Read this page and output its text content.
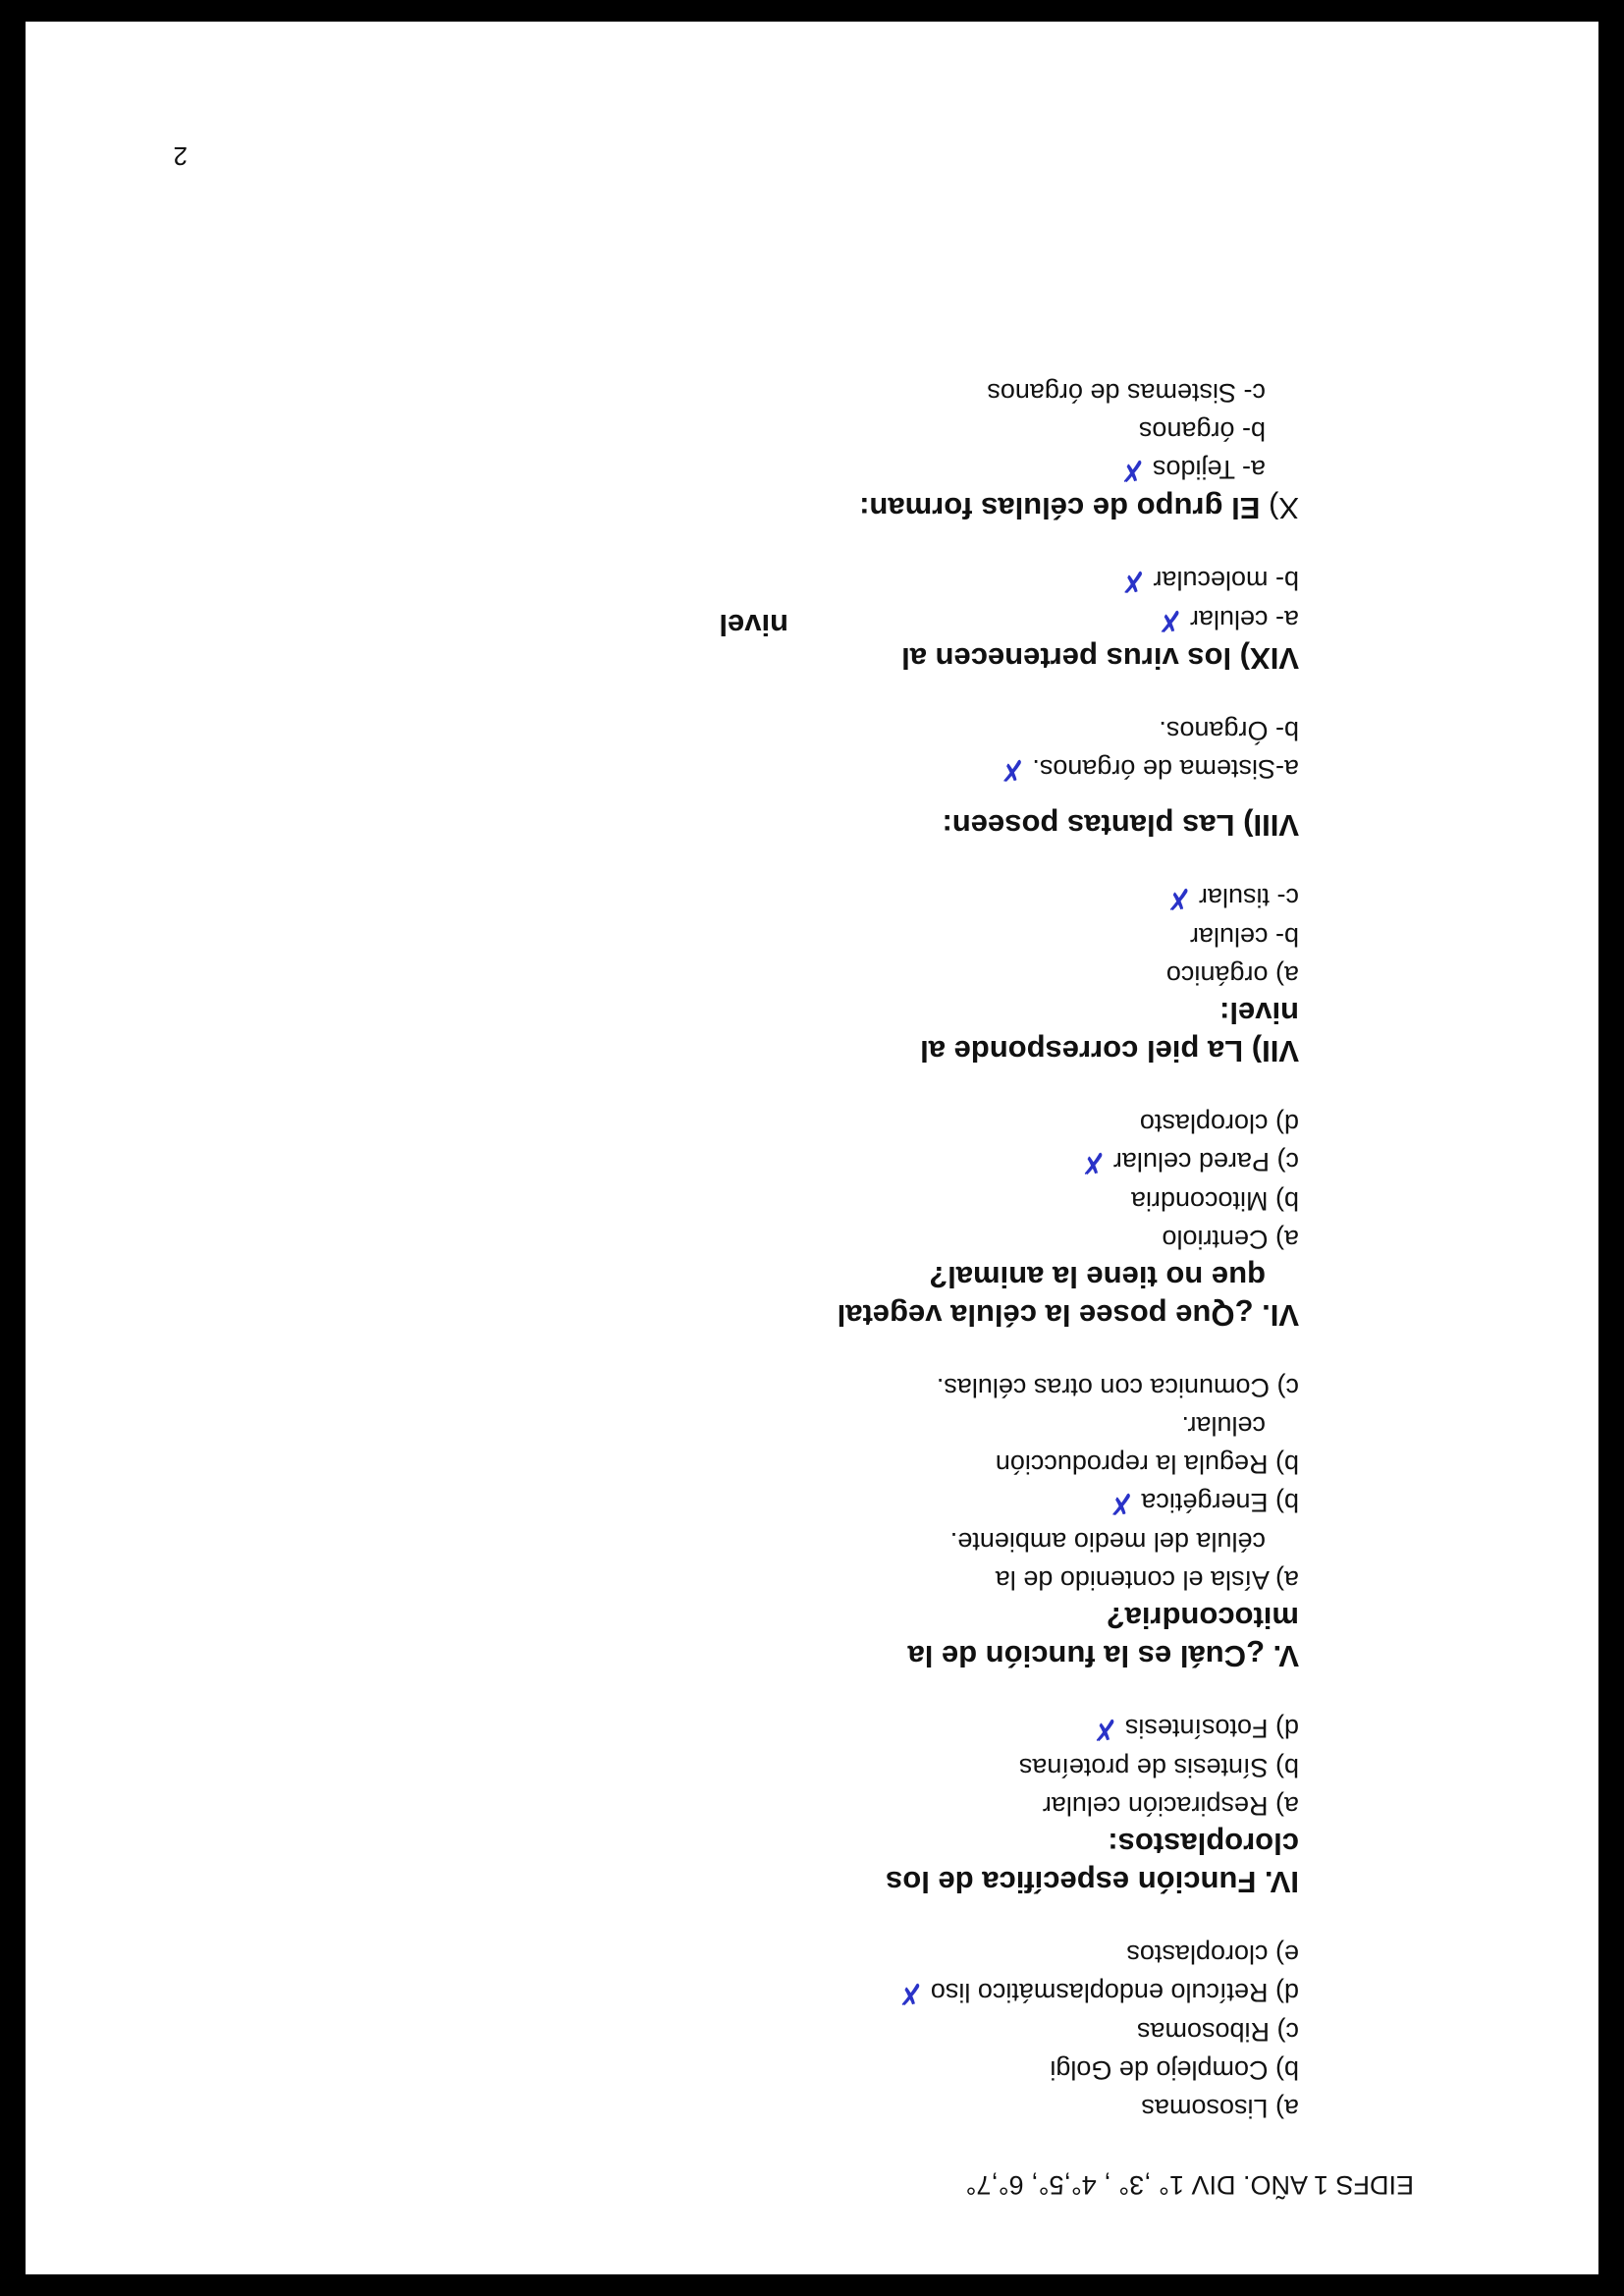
EIDFS 1 AÑO. DIV 1° ,3° , 4°,5°, 6°,7°
a) Lisosomas
b) Complejo de Golgi
c) Ribosomas
d) Retículo endoplasmático liso✗
e) cloroplastos
IV. Función específica de los
cloroplastos:
a) Respiración celular
b) Síntesis de proteínas
d) Fotosíntesis✗
V. ¿Cuál es la función de la
mitocondria?
a) Aísla el contenido de la
célula del medio ambiente.
b) Energética✗
b) Regula la reproducción
celular.
c) Comunica con otras células.
VI. ¿Que posee la célula vegetal
que no tiene la animal?
a) Centriolo
b) Mitocondria
c) Pared celular✗
d) cloroplasto
VII) La piel corresponde al
nivel:
a) orgánico
b- celular
c- tisular✗
VIII) Las plantas poseen:
a-Sistema de órganos.✗
b- Órganos.
VIX) los virus pertenecen al
nivel	a- celular✗
b- molecular✗
X) El grupo de células forman:
a- Tejidos✗
b- órganos
c- Sistemas de órganos
2
